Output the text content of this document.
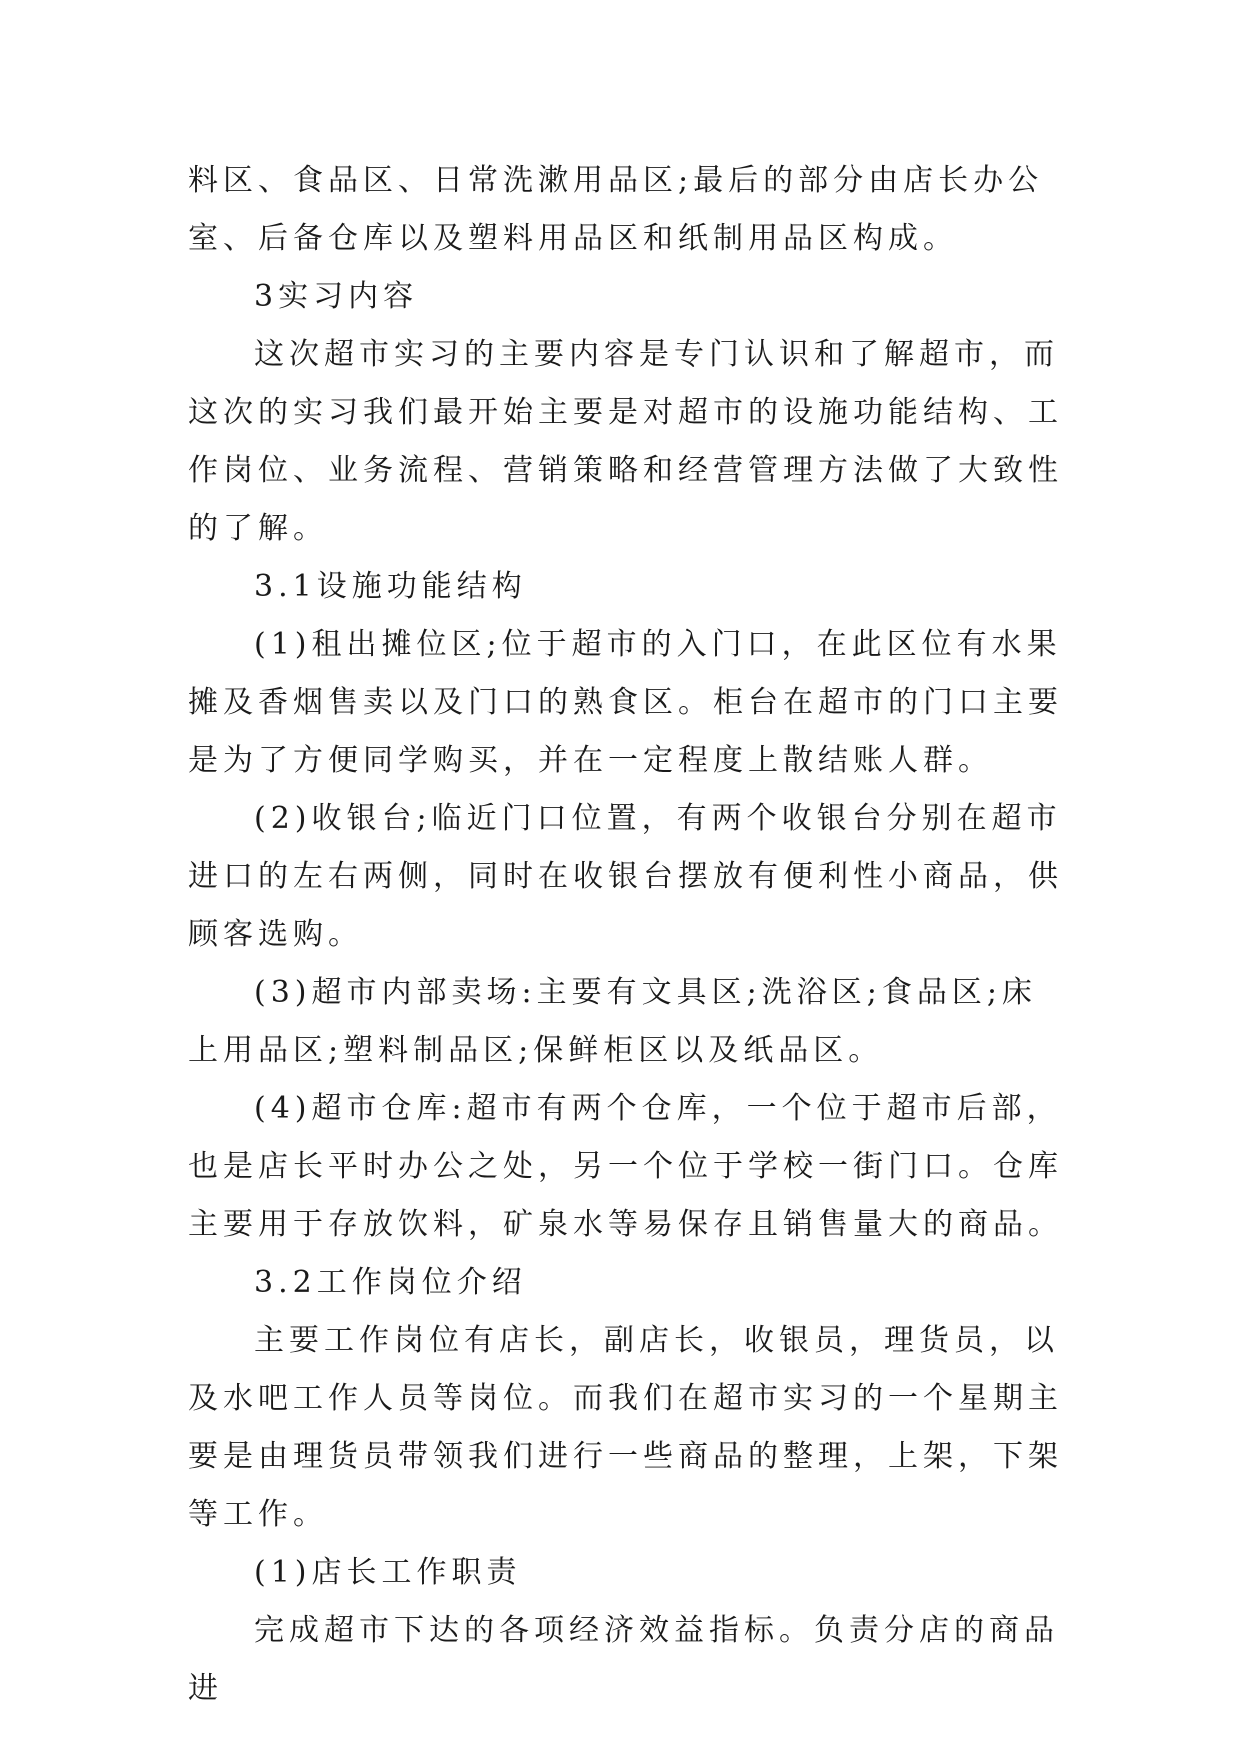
料区、食品区、日常洗漱用品区;最后的部分由店长办公室、后备仓库以及塑料用品区和纸制用品区构成。

3实习内容

这次超市实习的主要内容是专门认识和了解超市，而这次的实习我们最开始主要是对超市的设施功能结构、工作岗位、业务流程、营销策略和经营管理方法做了大致性的了解。

3.1设施功能结构

(1)租出摊位区;位于超市的入门口，在此区位有水果摊及香烟售卖以及门口的熟食区。柜台在超市的门口主要是为了方便同学购买，并在一定程度上散结账人群。

(2)收银台;临近门口位置，有两个收银台分别在超市进口的左右两侧，同时在收银台摆放有便利性小商品，供顾客选购。

(3)超市内部卖场:主要有文具区;洗浴区;食品区;床上用品区;塑料制品区;保鲜柜区以及纸品区。

(4)超市仓库:超市有两个仓库，一个位于超市后部，也是店长平时办公之处，另一个位于学校一街门口。仓库主要用于存放饮料，矿泉水等易保存且销售量大的商品。

3.2工作岗位介绍

主要工作岗位有店长，副店长，收银员，理货员，以及水吧工作人员等岗位。而我们在超市实习的一个星期主要是由理货员带领我们进行一些商品的整理，上架，下架等工作。

(1)店长工作职责

完成超市下达的各项经济效益指标。负责分店的商品进
